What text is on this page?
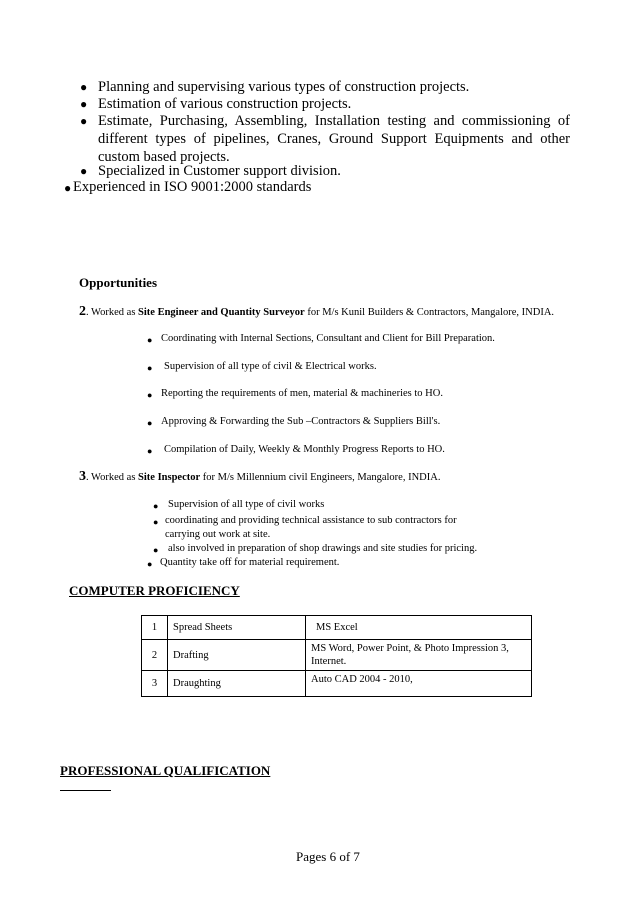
● Planning and supervising various types of construction projects.
● Estimation of various construction projects.
● Estimate, Purchasing, Assembling, Installation testing and commissioning of different types of pipelines, Cranes, Ground Support Equipments and other custom based projects.
● Specialized in Customer support division.
● Experienced in ISO 9001:2000 standards
Opportunities
2. Worked as Site Engineer and Quantity Surveyor for M/s Kunil Builders & Contractors, Mangalore, INDIA.
● Coordinating with Internal Sections, Consultant and Client for Bill Preparation.
● Supervision of all type of civil & Electrical works.
● Reporting the requirements of men, material & machineries to HO.
● Approving & Forwarding the Sub –Contractors & Suppliers Bill's.
● Compilation of Daily, Weekly & Monthly Progress Reports to HO.
3. Worked as Site Inspector for M/s Millennium civil Engineers, Mangalore, INDIA.
● Supervision of all type of civil works
● coordinating and providing technical assistance to sub contractors for carrying out work at site.
● also involved in preparation of shop drawings and site studies for pricing.
● Quantity take off for material requirement.
COMPUTER PROFICIENCY
1	Spread Sheets	MS Excel
2	Drafting	MS Word, Power Point, & Photo Impression 3, Internet.
3	Draughting	Auto CAD 2004 - 2010,
PROFESSIONAL QUALIFICATION
Pages 6 of 7
